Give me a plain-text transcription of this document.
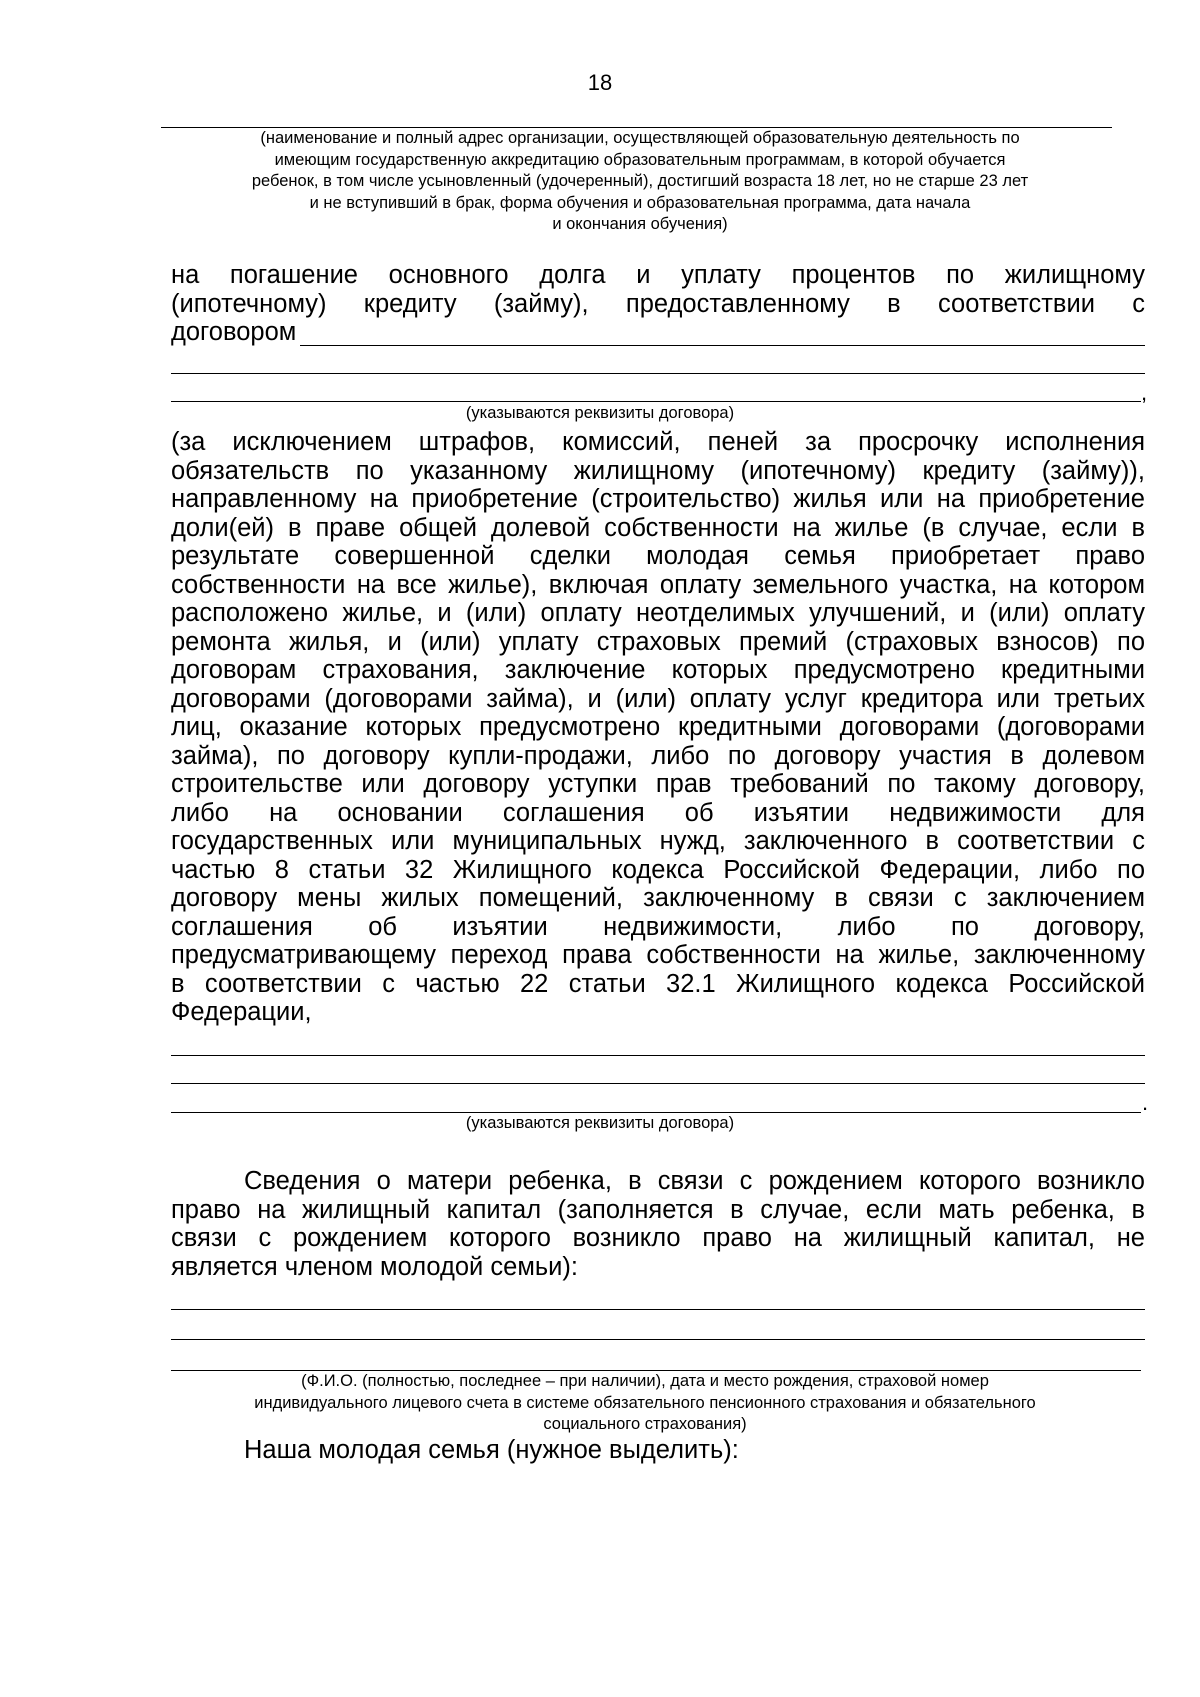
18
(наименование и полный адрес организации, осуществляющей образовательную деятельность по
имеющим государственную аккредитацию образовательным программам, в которой обучается
ребенок, в том числе усыновленный (удочеренный), достигший возраста 18 лет, но не старше 23 лет
и не вступивший в брак, форма обучения и образовательная программа, дата начала
и окончания обучения)
на погашение основного долга и уплату процентов по жилищному
(ипотечному) кредиту (займу), предоставленному в соответствии с
договором
,
(указываются реквизиты договора)
(за исключением штрафов, комиссий, пеней за просрочку исполнения
обязательств по указанному жилищному (ипотечному) кредиту (займу)),
направленному на приобретение (строительство) жилья или на приобретение
доли(ей) в праве общей долевой собственности на жилье (в случае, если в
результате совершенной сделки молодая семья приобретает право
собственности на все жилье), включая оплату земельного участка, на котором
расположено жилье, и (или) оплату неотделимых улучшений, и (или) оплату
ремонта жилья, и (или) уплату страховых премий (страховых взносов) по
договорам страхования, заключение которых предусмотрено кредитными
договорами (договорами займа), и (или) оплату услуг кредитора или третьих
лиц, оказание которых предусмотрено кредитными договорами (договорами
займа), по договору купли-продажи, либо по договору участия в долевом
строительстве или договору уступки прав требований по такому договору,
либо на основании соглашения об изъятии недвижимости для
государственных или муниципальных нужд, заключенного в соответствии с
частью 8 статьи 32 Жилищного кодекса Российской Федерации, либо по
договору мены жилых помещений, заключенному в связи с заключением
соглашения об изъятии недвижимости, либо по договору,
предусматривающему переход права собственности на жилье, заключенному
в соответствии с частью 22 статьи 32.1 Жилищного кодекса Российской
Федерации,
.
(указываются реквизиты договора)
Сведения о матери ребенка, в связи с рождением которого возникло
право на жилищный капитал (заполняется в случае, если мать ребенка, в
связи с рождением которого возникло право на жилищный капитал, не
является членом молодой семьи):
(Ф.И.О. (полностью, последнее – при наличии), дата и место рождения, страховой номер
индивидуального лицевого счета в системе обязательного пенсионного страхования и обязательного
социального страхования)
Наша молодая семья (нужное выделить):
